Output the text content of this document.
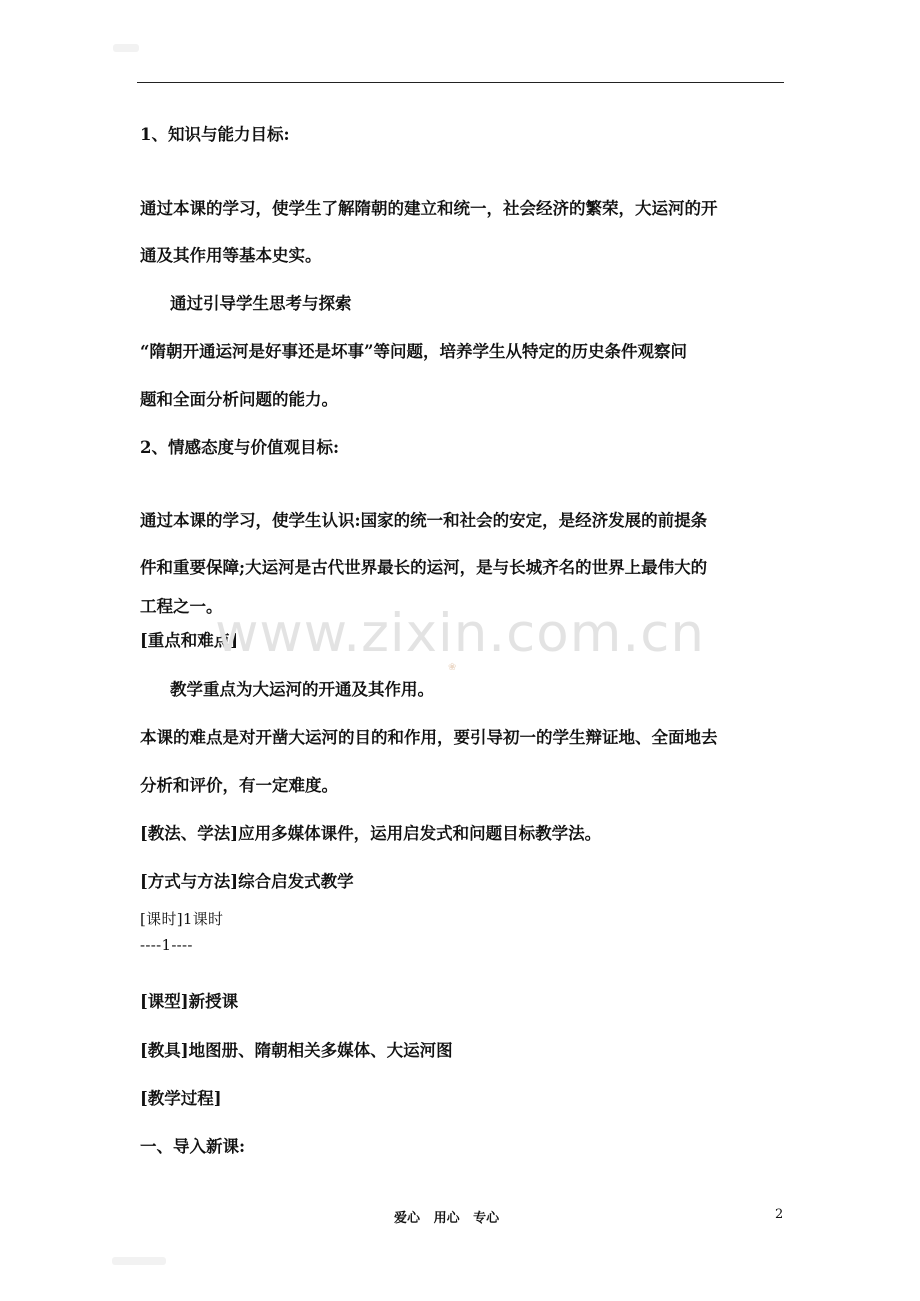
1、知识与能力目标:
通过本课的学习，使学生了解隋朝的建立和统一，社会经济的繁荣，大运河的开
通及其作用等基本史实。
通过引导学生思考与探索
“隋朝开通运河是好事还是坏事”等问题，培养学生从特定的历史条件观察问
题和全面分析问题的能力。
2、情感态度与价值观目标:
通过本课的学习，使学生认识:国家的统一和社会的安定，是经济发展的前提条
件和重要保障;大运河是古代世界最长的运河，是与长城齐名的世界上最伟大的
工程之一。
[重点和难点]
教学重点为大运河的开通及其作用。
本课的难点是对开凿大运河的目的和作用，要引导初一的学生辩证地、全面地去
分析和评价，有一定难度。
[教法、学法]应用多媒体课件，运用启发式和问题目标教学法。
[方式与方法]综合启发式教学
[课时]1课时
----1----
[课型]新授课
[教具]地图册、隋朝相关多媒体、大运河图
[教学过程]
一、导入新课:
www.zixin.com.cn
❀
爱心   用心   专心	2
